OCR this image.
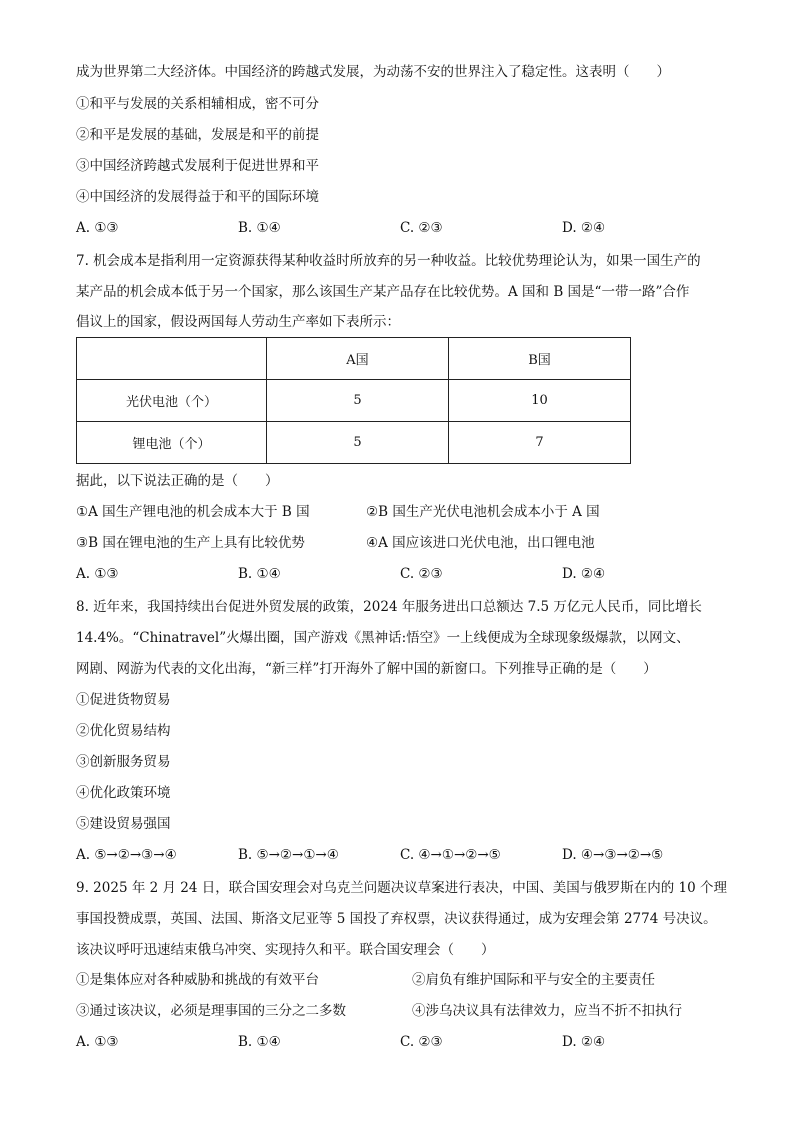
成为世界第二大经济体。中国经济的跨越式发展，为动荡不安的世界注入了稳定性。这表明（　　）
①和平与发展的关系相辅相成，密不可分
②和平是发展的基础，发展是和平的前提
③中国经济跨越式发展利于促进世界和平
④中国经济的发展得益于和平的国际环境
A. ①③	B. ①④	C. ②③	D. ②④
7. 机会成本是指利用一定资源获得某种收益时所放弃的另一种收益。比较优势理论认为，如果一国生产的
某产品的机会成本低于另一个国家，那么该国生产某产品存在比较优势。A 国和 B 国是“一带一路”合作
倡议上的国家，假设两国每人劳动生产率如下表所示：
	A国	B国
光伏电池（个）	5	10
锂电池（个）	5	7
据此，以下说法正确的是（　　）
①A 国生产锂电池的机会成本大于 B 国	②B 国生产光伏电池机会成本小于 A 国
③B 国在锂电池的生产上具有比较优势	④A 国应该进口光伏电池，出口锂电池
A. ①③	B. ①④	C. ②③	D. ②④
8. 近年来，我国持续出台促进外贸发展的政策，2024 年服务进出口总额达 7.5 万亿元人民币，同比增长
14.4%。“Chinatravel”火爆出圈，国产游戏《黑神话:悟空》一上线便成为全球现象级爆款，以网文、
网剧、网游为代表的文化出海，“新三样”打开海外了解中国的新窗口。下列推导正确的是（　　）
①促进货物贸易
②优化贸易结构
③创新服务贸易
④优化政策环境
⑤建设贸易强国
A. ⑤→②→③→④	B. ⑤→②→①→④	C. ④→①→②→⑤	D. ④→③→②→⑤
9. 2025 年 2 月 24 日，联合国安理会对乌克兰问题决议草案进行表决，中国、美国与俄罗斯在内的 10 个理
事国投赞成票，英国、法国、斯洛文尼亚等 5 国投了弃权票，决议获得通过，成为安理会第 2774 号决议。
该决议呼吁迅速结束俄乌冲突、实现持久和平。联合国安理会（　　）
①是集体应对各种威胁和挑战的有效平台	②肩负有维护国际和平与安全的主要责任
③通过该决议，必须是理事国的三分之二多数	④涉乌决议具有法律效力，应当不折不扣执行
A. ①③	B. ①④	C. ②③	D. ②④
